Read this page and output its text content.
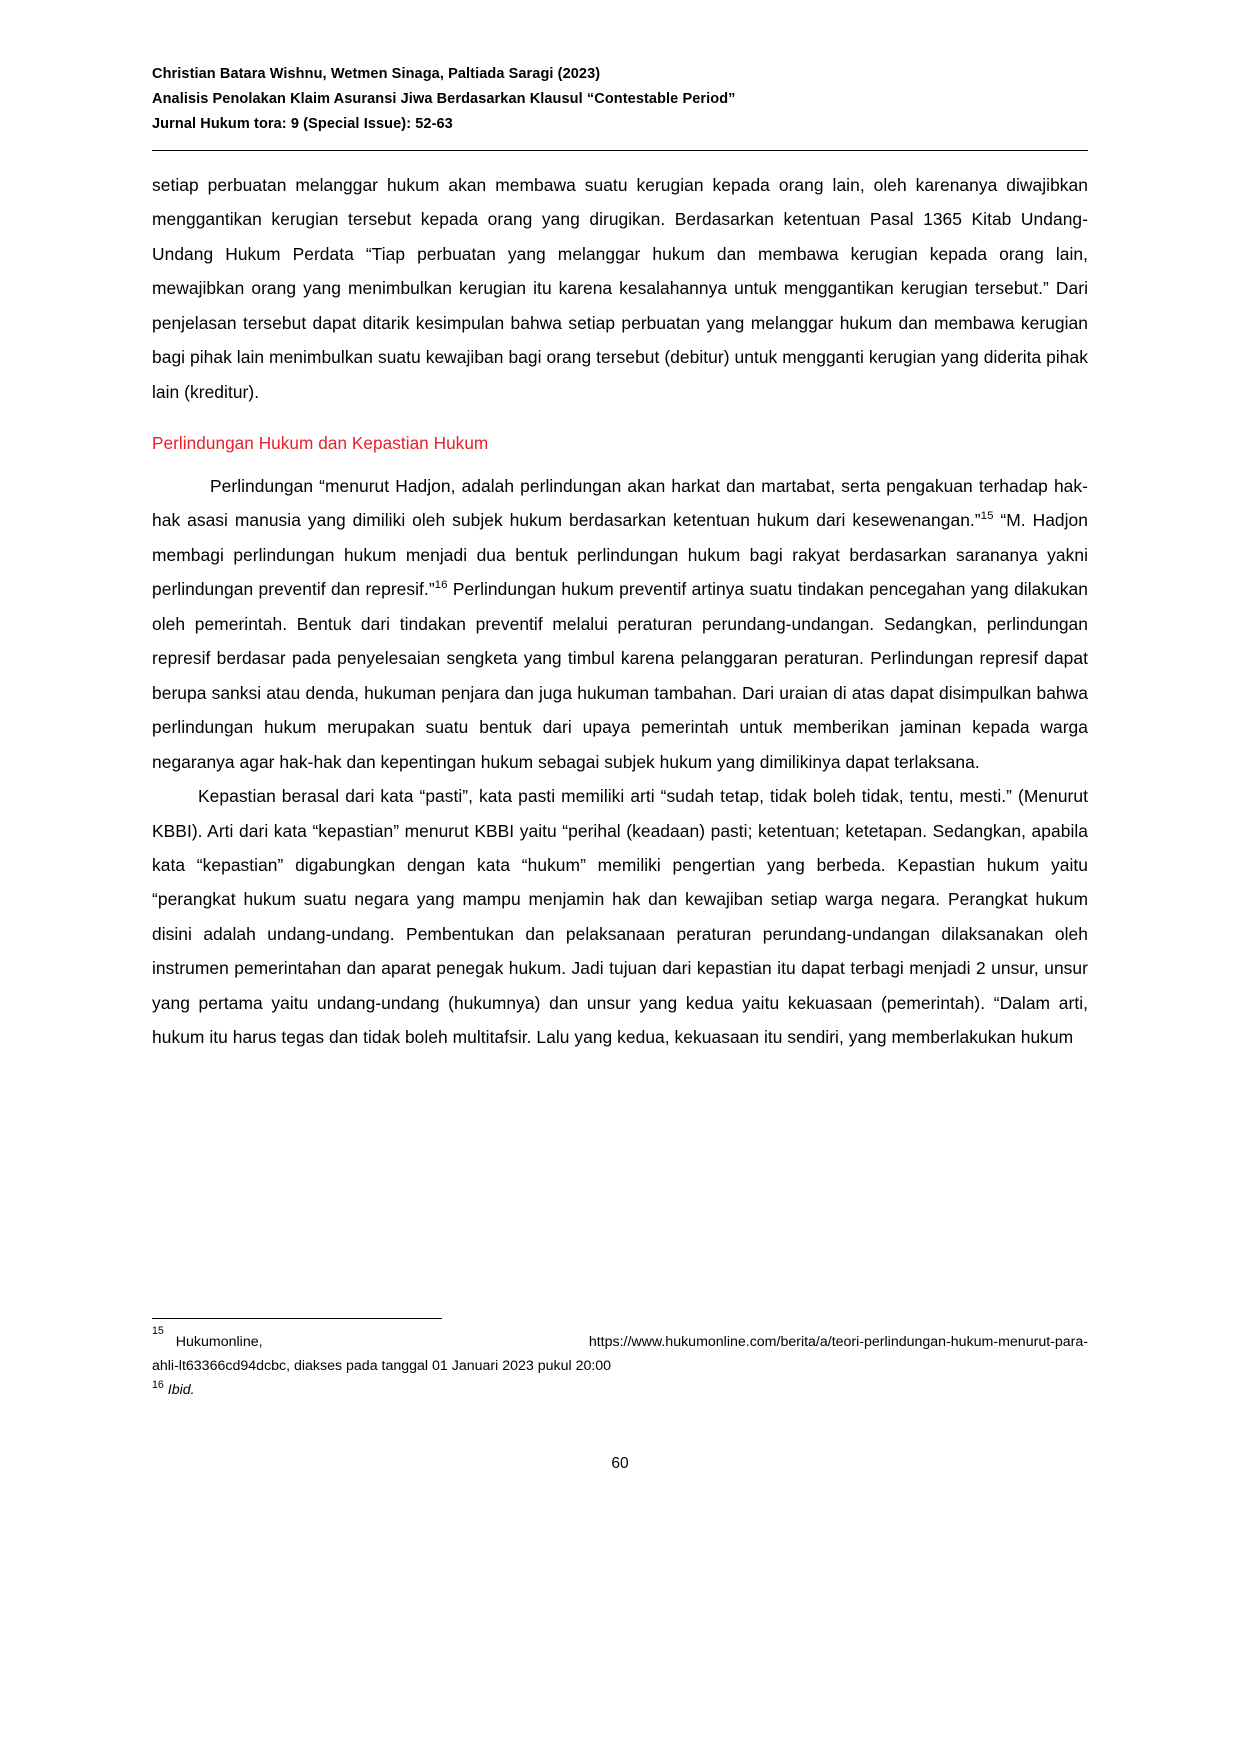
Christian Batara Wishnu, Wetmen Sinaga, Paltiada Saragi (2023)
Analisis Penolakan Klaim Asuransi Jiwa Berdasarkan Klausul “Contestable Period”
Jurnal Hukum tora: 9 (Special Issue): 52-63

setiap perbuatan melanggar hukum akan membawa suatu kerugian kepada orang lain, oleh karenanya diwajibkan menggantikan kerugian tersebut kepada orang yang dirugikan. Berdasarkan ketentuan Pasal 1365 Kitab Undang-Undang Hukum Perdata “Tiap perbuatan yang melanggar hukum dan membawa kerugian kepada orang lain, mewajibkan orang yang menimbulkan kerugian itu karena kesalahannya untuk menggantikan kerugian tersebut.” Dari penjelasan tersebut dapat ditarik kesimpulan bahwa setiap perbuatan yang melanggar hukum dan membawa kerugian bagi pihak lain menimbulkan suatu kewajiban bagi orang tersebut (debitur) untuk mengganti kerugian yang diderita pihak lain (kreditur).

Perlindungan Hukum dan Kepastian Hukum

Perlindungan “menurut Hadjon, adalah perlindungan akan harkat dan martabat, serta pengakuan terhadap hak-hak asasi manusia yang dimiliki oleh subjek hukum berdasarkan ketentuan hukum dari kesewenangan.”$^{15}$ “M. Hadjon membagi perlindungan hukum menjadi dua bentuk perlindungan hukum bagi rakyat berdasarkan sarananya yakni perlindungan preventif dan represif.”$^{16}$ Perlindungan hukum preventif artinya suatu tindakan pencegahan yang dilakukan oleh pemerintah. Bentuk dari tindakan preventif melalui peraturan perundang-undangan. Sedangkan, perlindungan represif berdasar pada penyelesaian sengketa yang timbul karena pelanggaran peraturan. Perlindungan represif dapat berupa sanksi atau denda, hukuman penjara dan juga hukuman tambahan. Dari uraian di atas dapat disimpulkan bahwa perlindungan hukum merupakan suatu bentuk dari upaya pemerintah untuk memberikan jaminan kepada warga negaranya agar hak-hak dan kepentingan hukum sebagai subjek hukum yang dimilikinya dapat terlaksana.

Kepastian berasal dari kata “pasti”, kata pasti memiliki arti “sudah tetap, tidak boleh tidak, tentu, mesti.” (Menurut KBBI). Arti dari kata “kepastian” menurut KBBI yaitu “perihal (keadaan) pasti; ketentuan; ketetapan. Sedangkan, apabila kata “kepastian” digabungkan dengan kata “hukum” memiliki pengertian yang berbeda. Kepastian hukum yaitu “perangkat hukum suatu negara yang mampu menjamin hak dan kewajiban setiap warga negara. Perangkat hukum disini adalah undang-undang. Pembentukan dan pelaksanaan peraturan perundang-undangan dilaksanakan oleh instrumen pemerintahan dan aparat penegak hukum. Jadi tujuan dari kepastian itu dapat terbagi menjadi 2 unsur, unsur yang pertama yaitu undang-undang (hukumnya) dan unsur yang kedua yaitu kekuasaan (pemerintah). “Dalam arti, hukum itu harus tegas dan tidak boleh multitafsir. Lalu yang kedua, kekuasaan itu sendiri, yang memberlakukan hukum

15
Hukumonline,	https://www.hukumonline.com/berita/a/teori-perlindungan-hukum-menurut-para-
ahli-lt63366cd94dcbc, diakses pada tanggal 01 Januari 2023 pukul 20:00
$^{16}$ Ibid.
60
